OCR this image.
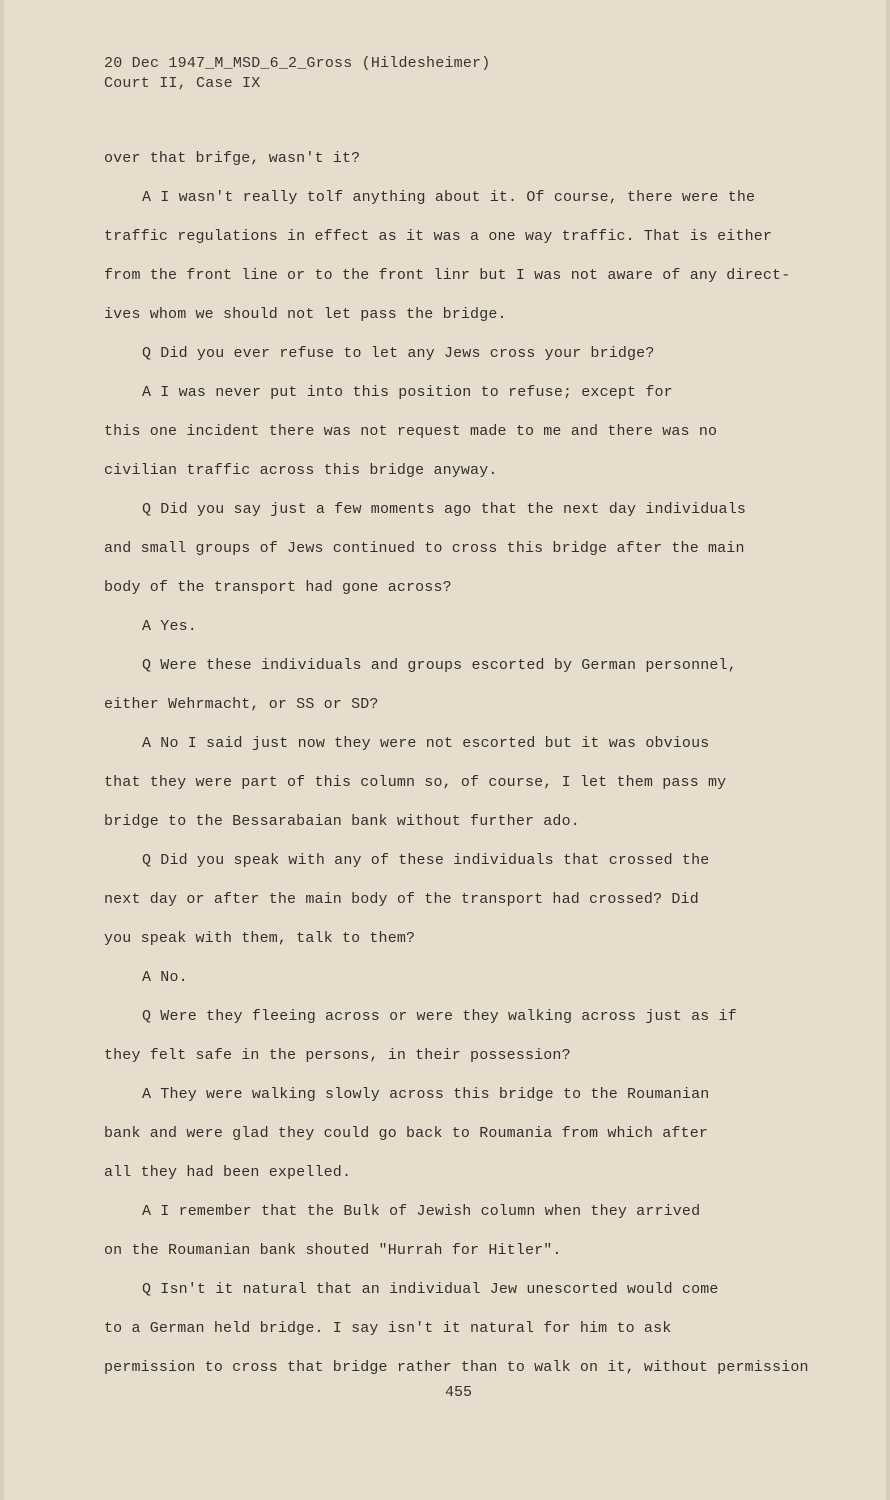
20 Dec 1947_M_MSD_6_2_Gross (Hildesheimer)
Court II, Case IX
over that brifge, wasn't it?
A I wasn't really tolf anything about it. Of course, there were the
traffic regulations in effect as it was a one way traffic. That is either
from the front line or to the front linr but I was not aware of any direct-
ives whom we should not let pass the bridge.
Q Did you ever refuse to let any Jews cross your bridge?
A I was never put into this position to refuse; except for
this one incident there was not request made to me and there was no
civilian traffic across this bridge anyway.
Q Did you say just a few moments ago that the next day individuals
and small groups of Jews continued to cross this bridge after the main
body of the transport had gone across?
A Yes.
Q Were these individuals and groups escorted by German personnel,
either Wehrmacht, or SS or SD?
A No I said just now they were not escorted but it was obvious
that they were part of this column so, of course, I let them pass my
bridge to the Bessarabaian bank without further ado.
Q Did you speak with any of these individuals that crossed the
next day or after the main body of the transport had crossed? Did
you speak with them, talk to them?
A No.
Q Were they fleeing across or were they walking across just as if
they felt safe in the persons, in their possession?
A They were walking slowly across this bridge to the Roumanian
bank and were glad they could go back to Roumania from which after
all they had been expelled.
A I remember that the Bulk of Jewish column when they arrived
on the Roumanian bank shouted "Hurrah for Hitler".
Q Isn't it natural that an individual Jew unescorted would come
to a German held bridge. I say isn't it natural for him to ask
permission to cross that bridge rather than to walk on it, without permission
455
